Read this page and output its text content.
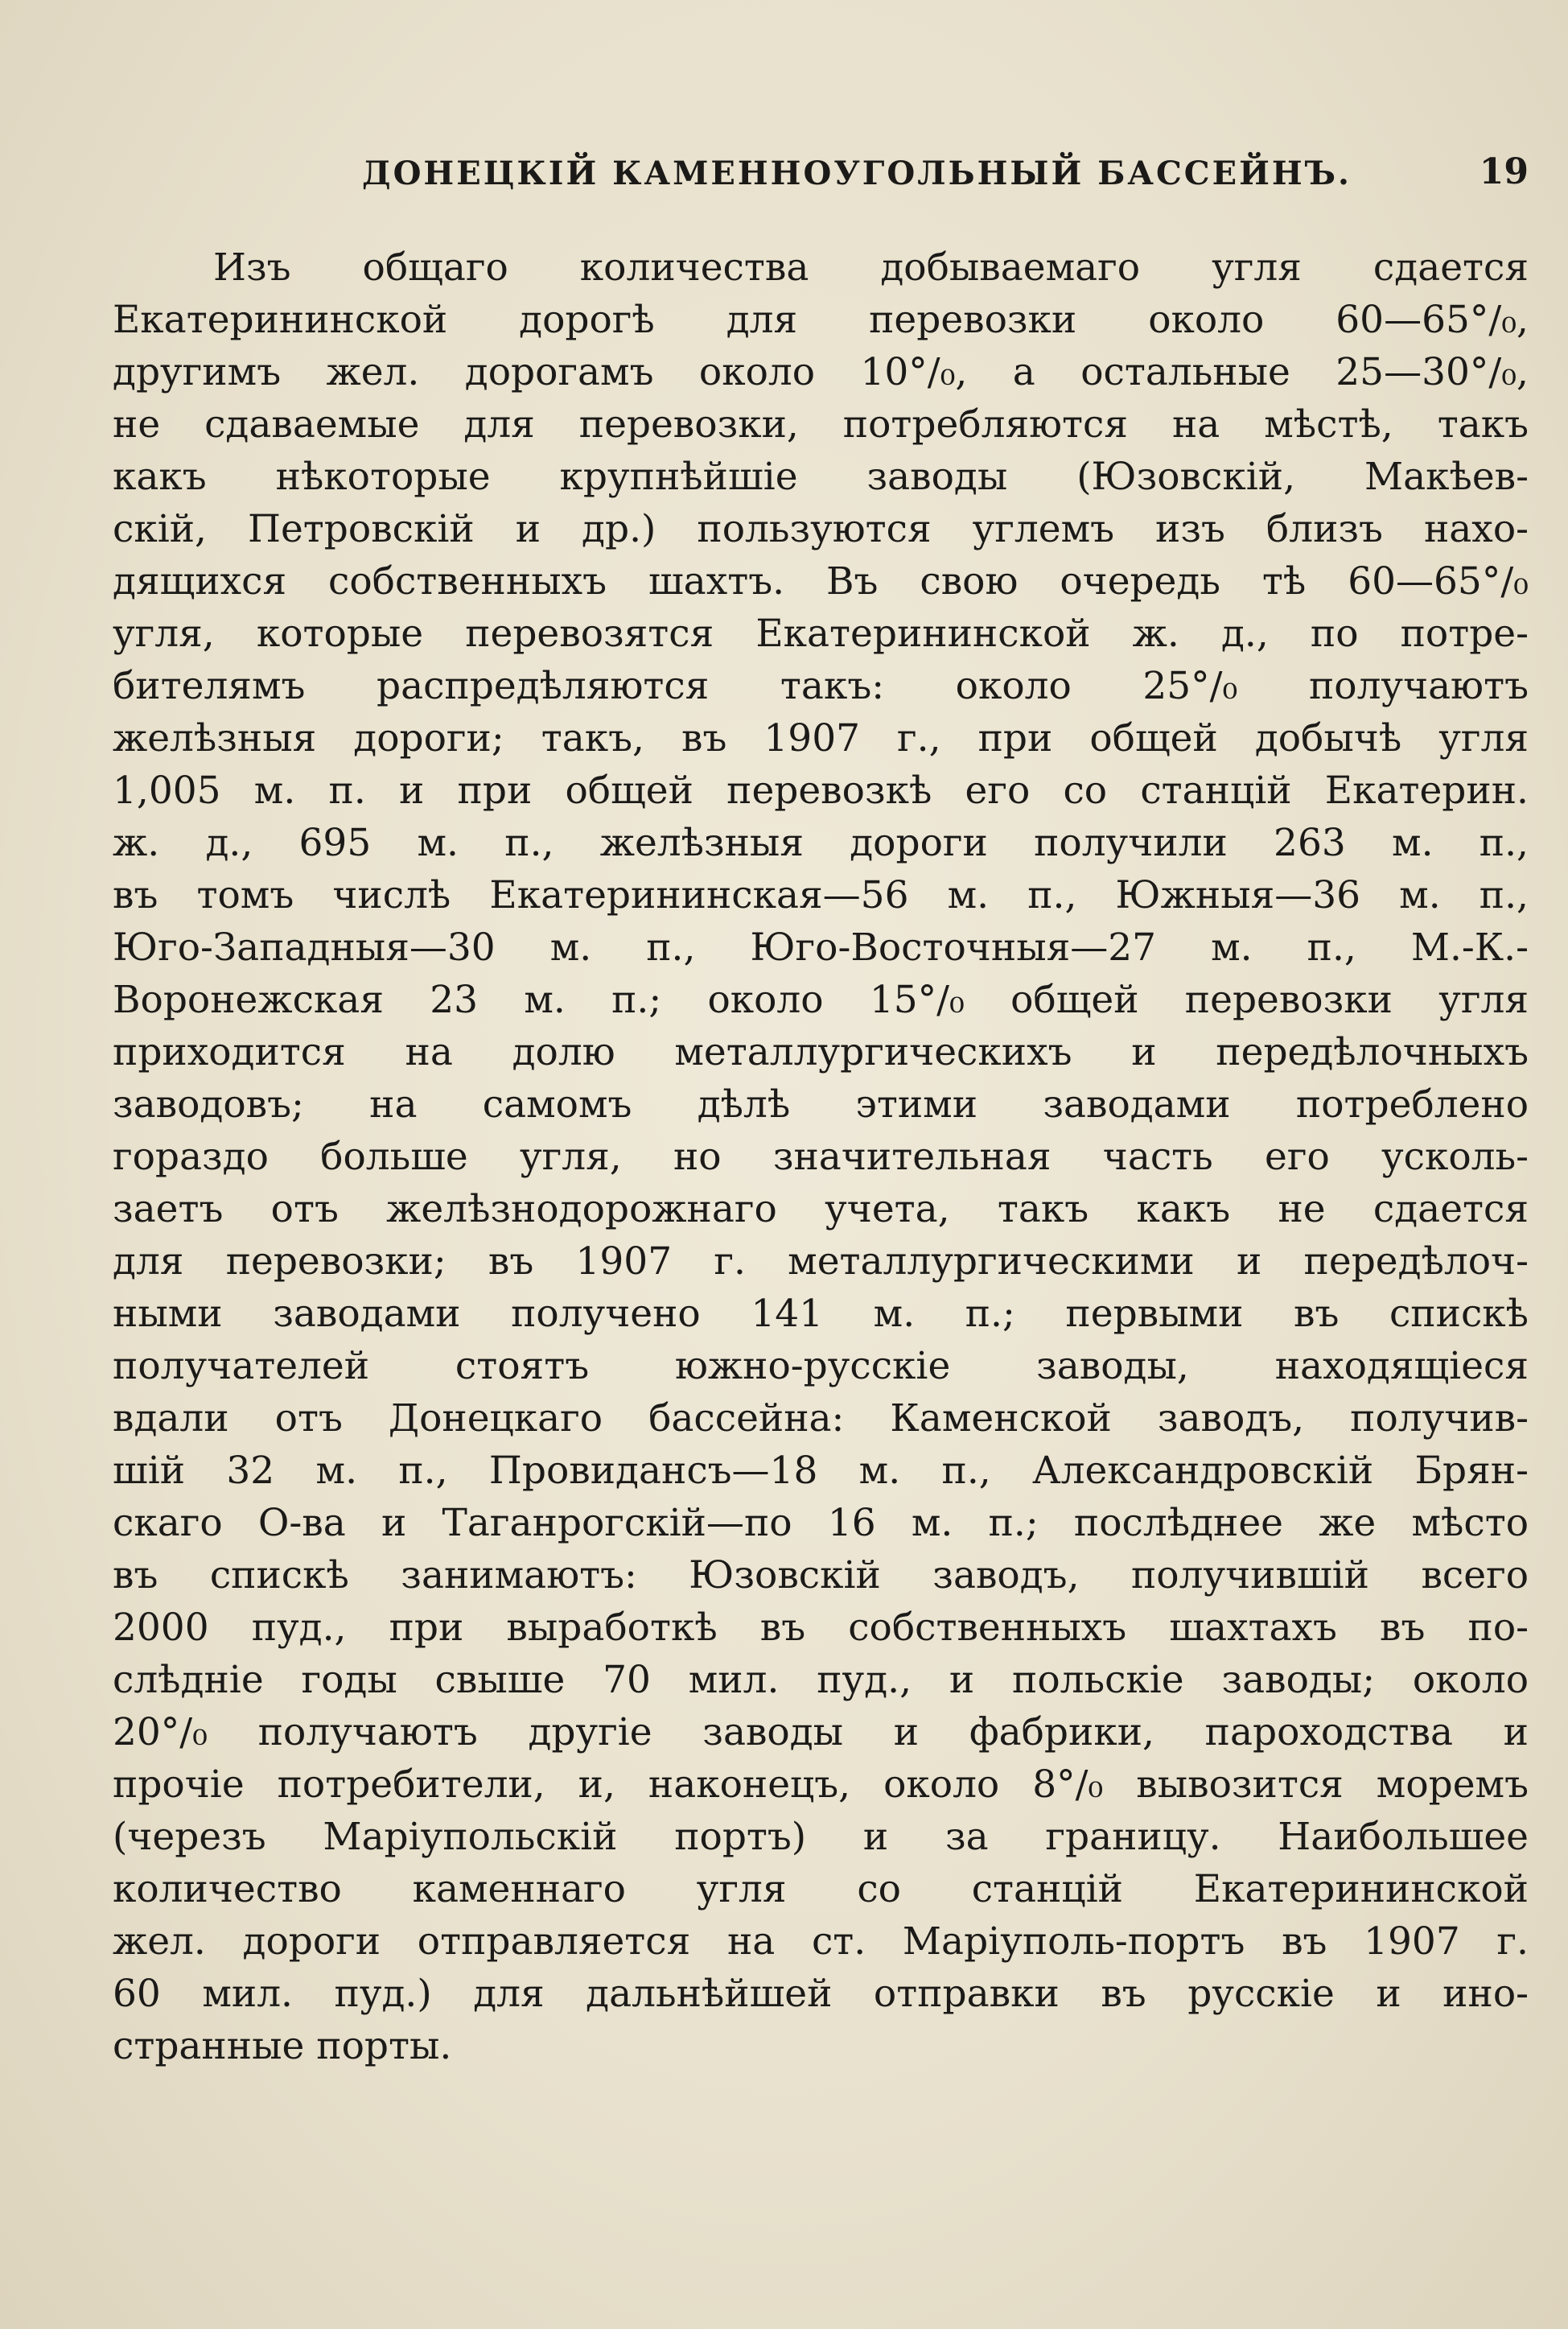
ДОНЕЦКІЙ КАМЕННОУГОЛЬНЫЙ БАССЕЙНЪ.	19
Изъ общаго количества добываемаго угля сдается
Екатерининской дорогѣ для перевозки около 60—65°/₀,
другимъ жел. дорогамъ около 10°/₀, а остальные 25—30°/₀,
не сдаваемые для перевозки, потребляются на мѣстѣ, такъ
какъ нѣкоторые крупнѣйшіе заводы (Юзовскій, Макѣев-
скій, Петровскій и др.) пользуются углемъ изъ близъ нахо-
дящихся собственныхъ шахтъ. Въ свою очередь тѣ 60—65°/₀
угля, которые перевозятся Екатерининской ж. д., по потре-
бителямъ распредѣляются такъ: около 25°/₀ получаютъ
желѣзныя дороги; такъ, въ 1907 г., при общей добычѣ угля
1,005 м. п. и при общей перевозкѣ его со станцій Екатерин.
ж. д., 695 м. п., желѣзныя дороги получили 263 м. п.,
въ томъ числѣ Екатерининская—56 м. п., Южныя—36 м. п.,
Юго-Западныя—30 м. п., Юго-Восточныя—27 м. п., М.-К.-
Воронежская 23 м. п.; около 15°/₀ общей перевозки угля
приходится на долю металлургическихъ и передѣлочныхъ
заводовъ; на самомъ дѣлѣ этими заводами потреблено
гораздо больше угля, но значительная часть его усколь-
заетъ отъ желѣзнодорожнаго учета, такъ какъ не сдается
для перевозки; въ 1907 г. металлургическими и передѣлоч-
ными заводами получено 141 м. п.; первыми въ спискѣ
получателей стоятъ южно-русскіе заводы, находящіеся
вдали отъ Донецкаго бассейна: Каменской заводъ, получив-
шій 32 м. п., Провидансъ—18 м. п., Александровскій Брян-
скаго О-ва и Таганрогскій—по 16 м. п.; послѣднее же мѣсто
въ спискѣ занимаютъ: Юзовскій заводъ, получившій всего
2000 пуд., при выработкѣ въ собственныхъ шахтахъ въ по-
слѣдніе годы свыше 70 мил. пуд., и польскіе заводы; около
20°/₀ получаютъ другіе заводы и фабрики, пароходства и
прочіе потребители, и, наконецъ, около 8°/₀ вывозится моремъ
(черезъ Маріупольскій портъ) и за границу. Наибольшее
количество каменнаго угля со станцій Екатерининской
жел. дороги отправляется на ст. Маріуполь-портъ въ 1907 г.
60 мил. пуд.) для дальнѣйшей отправки въ русскіе и ино-
странные порты.
